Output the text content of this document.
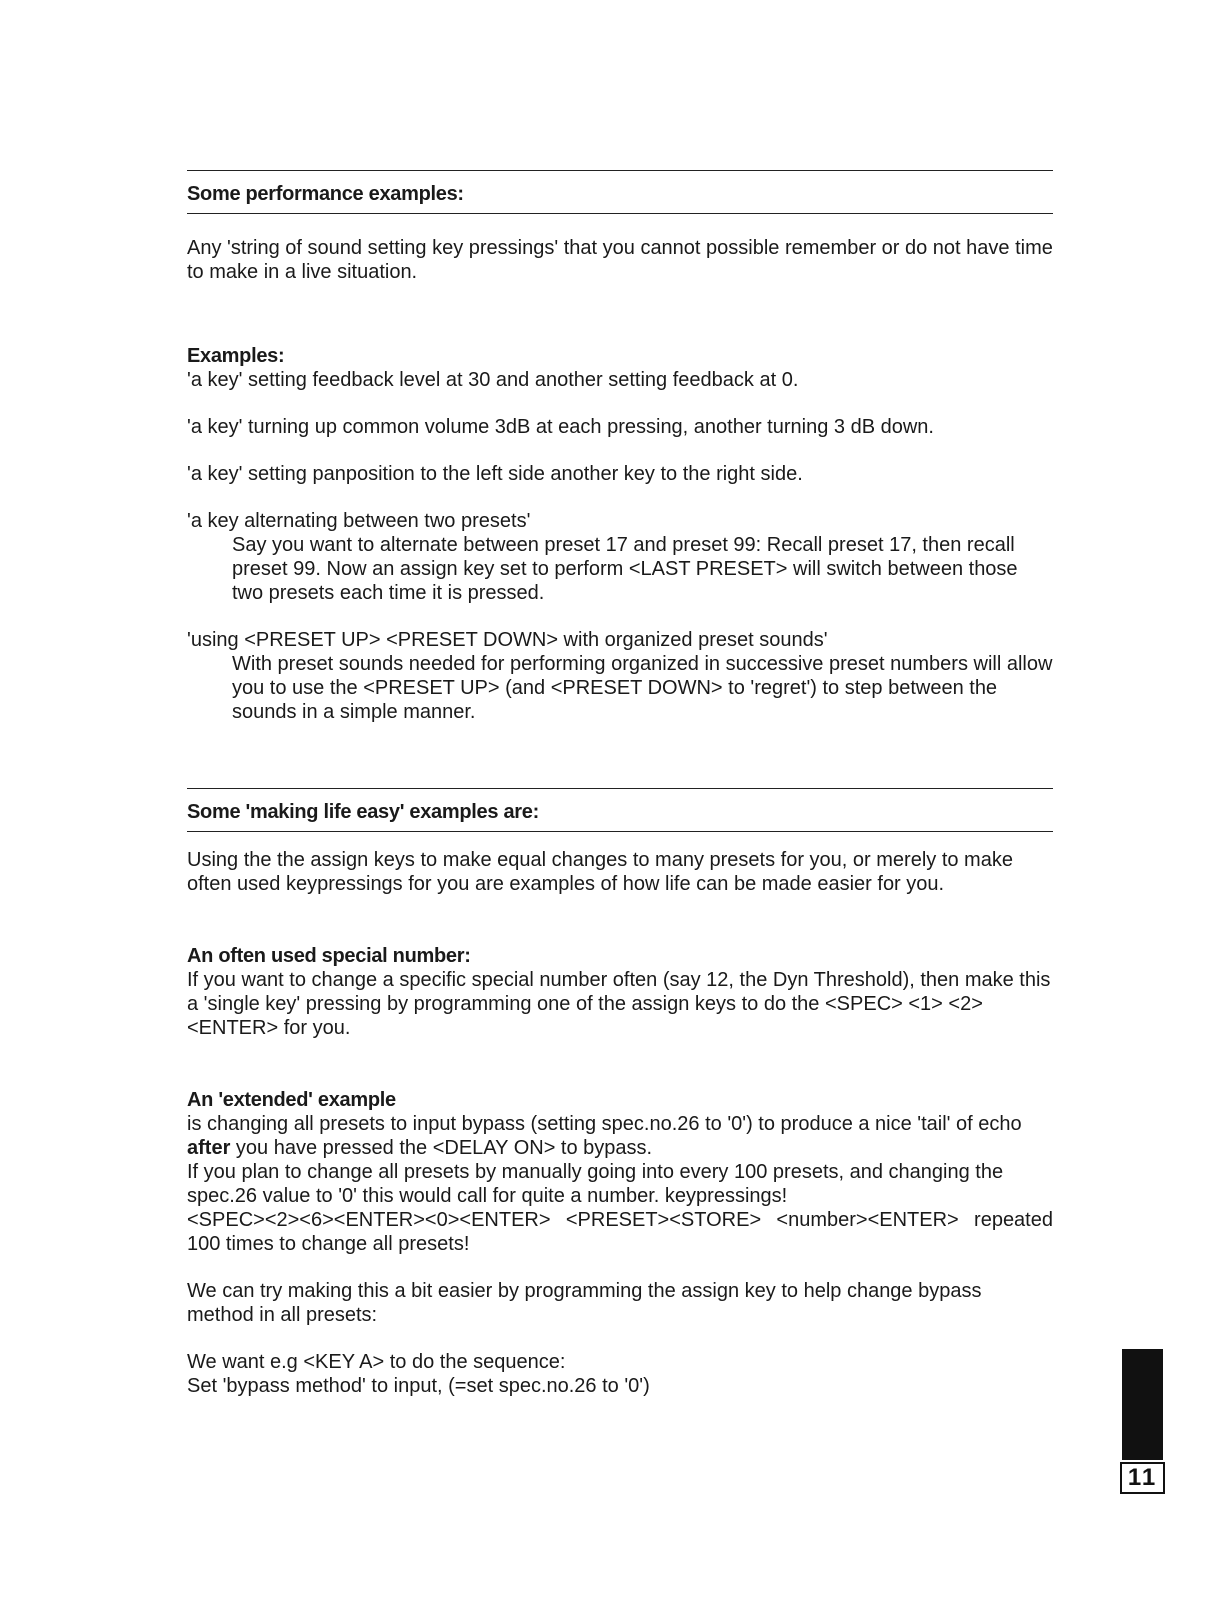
Some performance examples:

Any 'string of sound setting key pressings' that you cannot possible remember or do not have time to make in a live situation.

Examples:

'a key' setting feedback level at 30 and another setting feedback at 0.

'a key' turning up common volume 3dB at each pressing, another turning 3 dB down.

'a key' setting panposition to the left side another key to the right side.

'a key alternating between two presets'

Say you want to alternate between preset 17 and preset 99: Recall preset 17, then recall preset 99. Now an assign key set to perform <LAST PRESET> will switch between those two presets each time it is pressed.

'using <PRESET UP> <PRESET DOWN> with organized preset sounds'

With preset sounds needed for performing organized in successive preset numbers will allow you to use the <PRESET UP> (and <PRESET DOWN> to 'regret') to step between the sounds in a simple manner.

Some 'making life easy' examples are:

Using the the assign keys to make equal changes to many presets for you, or merely to make often used keypressings for you are examples of how life can be made easier for you.

An often used special number:

If you want to change a specific special number often (say 12, the Dyn Threshold), then make this a 'single key' pressing by programming one of the assign keys to do the <SPEC> <1> <2> <ENTER> for you.

An 'extended' example

is changing all presets to input bypass (setting spec.no.26 to '0') to produce a nice 'tail' of echo after you have pressed the <DELAY ON> to bypass.

If you plan to change all presets by manually going into every 100 presets, and changing the spec.26 value to '0' this would call for quite a number. keypressings!

<SPEC><2><6><ENTER><0><ENTER> <PRESET><STORE> <number><ENTER> repeated 100 times to change all presets!

We can try making this a bit easier by programming the assign key to help change bypass method in all presets:

We want e.g <KEY A> to do the sequence:

Set 'bypass method' to input, (=set spec.no.26 to '0')

11
